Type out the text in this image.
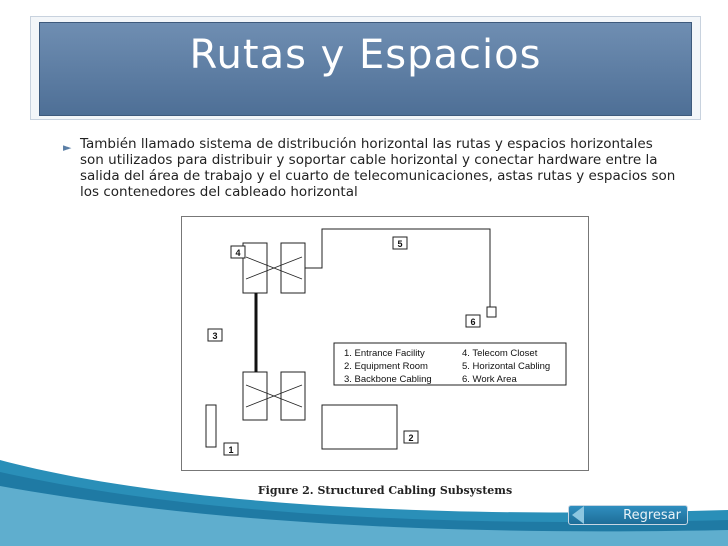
Rutas y Espacios
► También llamado sistema de distribución horizontal las rutas y espacios horizontales son utilizados para distribuir y soportar cable horizontal y conectar hardware entre la salida del área de trabajo y el cuarto de telecomunicaciones, astas rutas y espacios son los contenedores del cableado horizontal
1
2
3
4
5
6
1. Entrance Facility
2. Equipment Room
3. Backbone Cabling
4. Telecom Closet
5. Horizontal Cabling
6. Work Area
Figure 2. Structured Cabling Subsystems
Regresar
